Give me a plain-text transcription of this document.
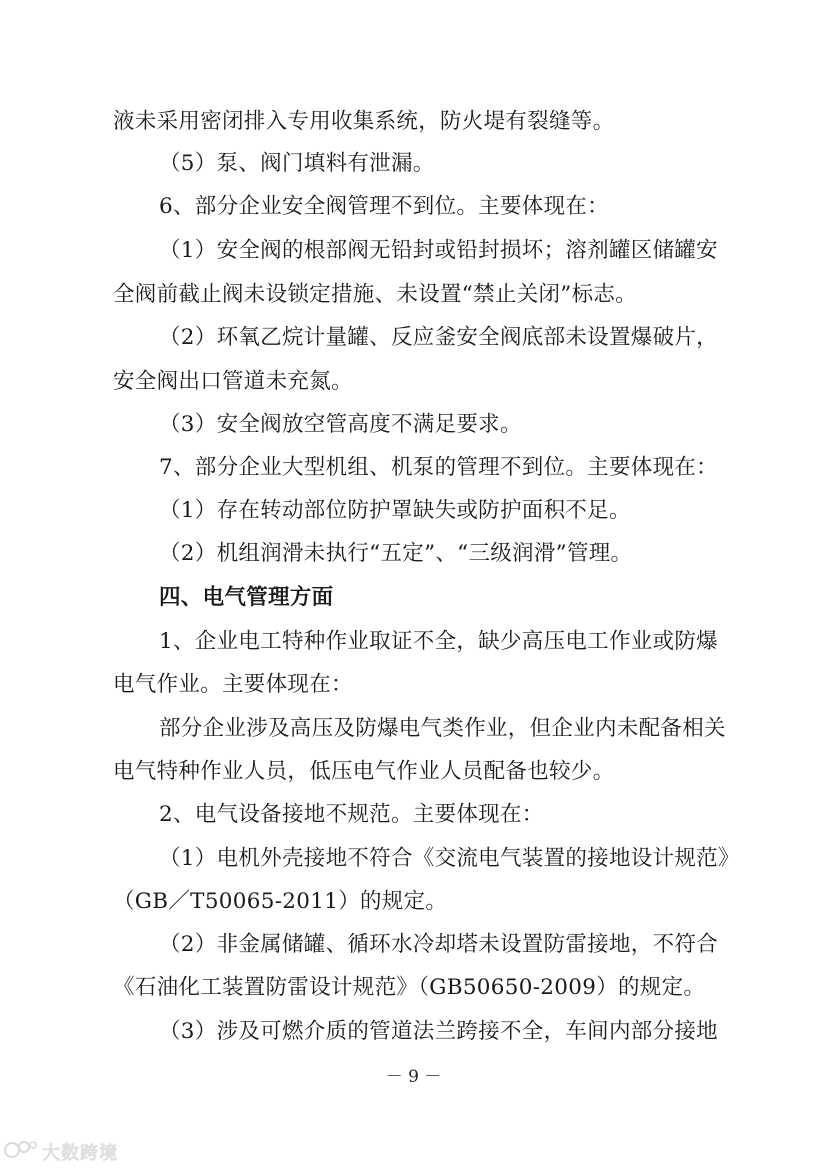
液未采用密闭排入专用收集系统，防火堤有裂缝等。
（5）泵、阀门填料有泄漏。
6、部分企业安全阀管理不到位。主要体现在：
（1）安全阀的根部阀无铅封或铅封损坏；溶剂罐区储罐安
全阀前截止阀未设锁定措施、未设置“禁止关闭”标志。
（2）环氧乙烷计量罐、反应釜安全阀底部未设置爆破片，
安全阀出口管道未充氮。
（3）安全阀放空管高度不满足要求。
7、部分企业大型机组、机泵的管理不到位。主要体现在：
（1）存在转动部位防护罩缺失或防护面积不足。
（2）机组润滑未执行“五定”、“三级润滑”管理。
四、电气管理方面
1、企业电工特种作业取证不全，缺少高压电工作业或防爆
电气作业。主要体现在：
部分企业涉及高压及防爆电气类作业，但企业内未配备相关
电气特种作业人员，低压电气作业人员配备也较少。
2、电气设备接地不规范。主要体现在：
（1）电机外壳接地不符合《交流电气装置的接地设计规范》
（GB／T50065-2011）的规定。
（2）非金属储罐、循环水冷却塔未设置防雷接地，不符合
《石油化工装置防雷设计规范》（GB50650-2009）的规定。
（3）涉及可燃介质的管道法兰跨接不全，车间内部分接地
－ 9 －
大数跨境
